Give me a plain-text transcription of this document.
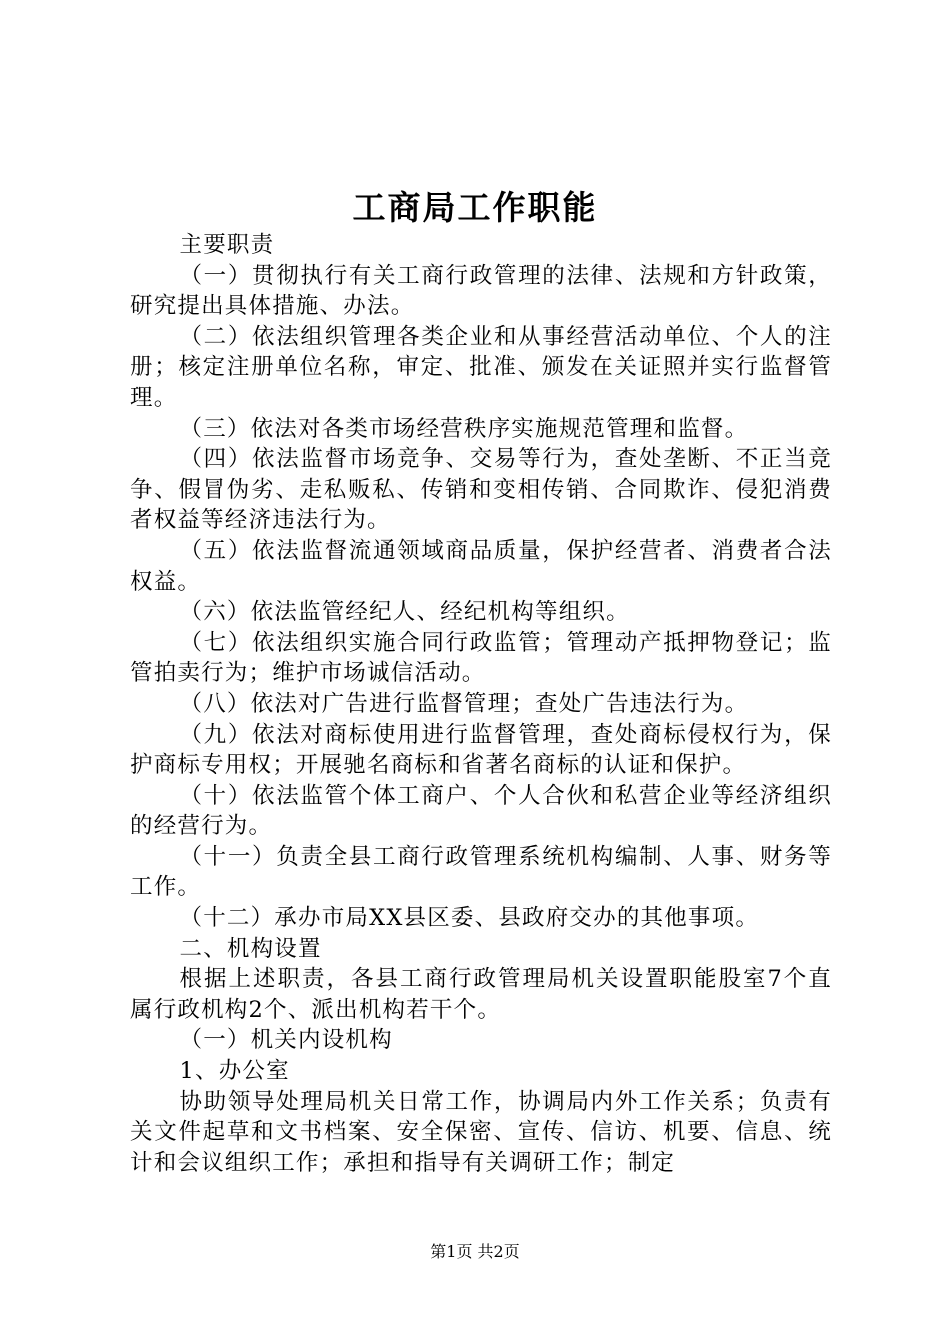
工商局工作职能

主要职责

（一）贯彻执行有关工商行政管理的法律、法规和方针政策，研究提出具体措施、办法。

（二）依法组织管理各类企业和从事经营活动单位、个人的注册；核定注册单位名称，审定、批准、颁发在关证照并实行监督管理。

（三）依法对各类市场经营秩序实施规范管理和监督。

（四）依法监督市场竞争、交易等行为，查处垄断、不正当竞争、假冒伪劣、走私贩私、传销和变相传销、合同欺诈、侵犯消费者权益等经济违法行为。

（五）依法监督流通领域商品质量，保护经营者、消费者合法权益。

（六）依法监管经纪人、经纪机构等组织。

（七）依法组织实施合同行政监管；管理动产抵押物登记；监管拍卖行为；维护市场诚信活动。

（八）依法对广告进行监督管理；查处广告违法行为。

（九）依法对商标使用进行监督管理，查处商标侵权行为，保护商标专用权；开展驰名商标和省著名商标的认证和保护。

（十）依法监管个体工商户、个人合伙和私营企业等经济组织的经营行为。

（十一）负责全县工商行政管理系统机构编制、人事、财务等工作。

（十二）承办市局XX县区委、县政府交办的其他事项。

二、机构设置

根据上述职责，各县工商行政管理局机关设置职能股室7个直属行政机构2个、派出机构若干个。

（一）机关内设机构

1、办公室

协助领导处理局机关日常工作，协调局内外工作关系；负责有关文件起草和文书档案、安全保密、宣传、信访、机要、信息、统计和会议组织工作；承担和指导有关调研工作；制定

第1页 共2页
